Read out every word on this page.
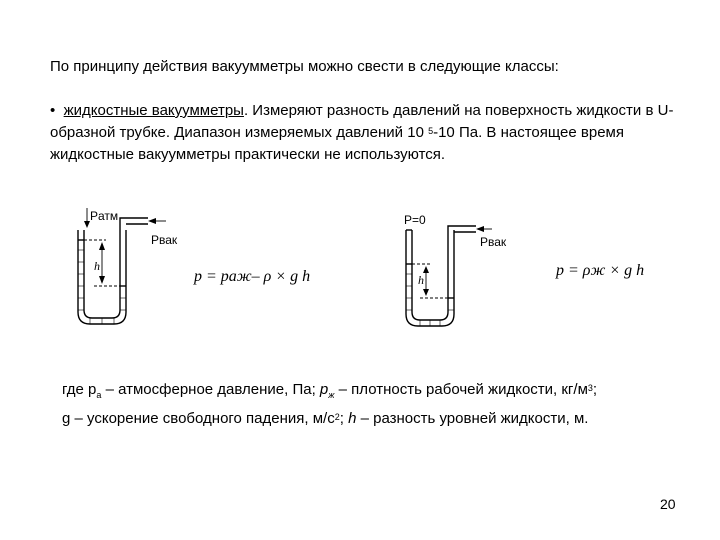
По принципу действия вакуумметры можно свести в следующие классы:

• жидкостные вакуумметры. Измеряют разность давлений на поверхность жидкости в U-образной трубке. Диапазон измеряемых давлений 10 $^5$-10 Па. В настоящее время жидкостные вакуумметры практически не используются.

Pатм
Pвак
h
p = pаж– ρ × g h
P=0
Pвак
h
p = ρж × g h
где $р_а$ – атмосферное давление, Па; $р_ж$ – плотность рабочей жидкости, $кг/м^3$;
g – ускорение свободного падения, $м/с^2$; h – разность уровней жидкости, м.
20
